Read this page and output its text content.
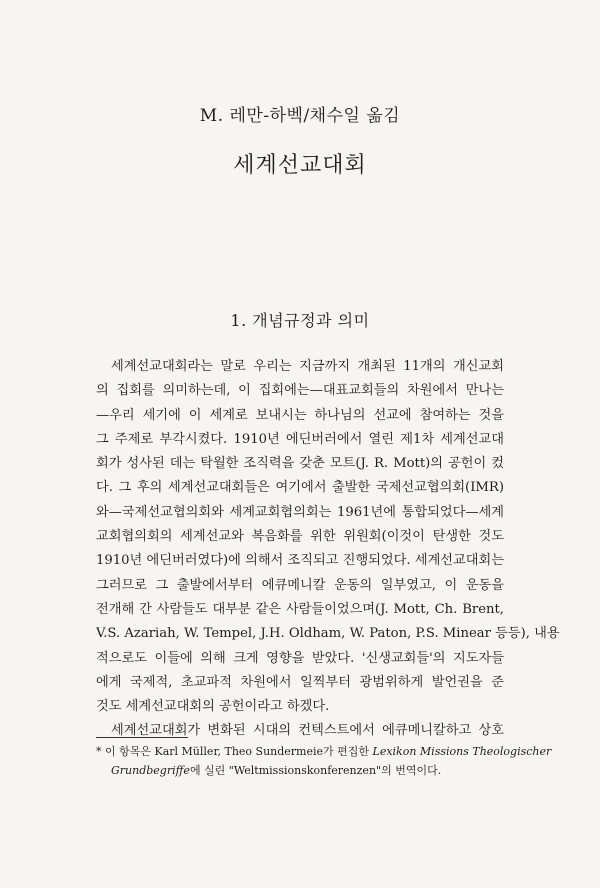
M. 레만-하벡/채수일 옮김
세계선교대회
1. 개념규정과 의미
세계선교대회라는 말로 우리는 지금까지 개최된 11개의 개신교회
의 집회를 의미하는데, 이 집회에는—대표교회들의 차원에서 만나는
—우리 세기에 이 세계로 보내시는 하나님의 선교에 참여하는 것을
그 주제로 부각시켰다. 1910년 에딘버러에서 열린 제1차 세계선교대
회가 성사된 데는 탁월한 조직력을 갖춘 모트(J. R. Mott)의 공헌이 컸
다. 그 후의 세계선교대회들은 여기에서 출발한 국제선교협의회(IMR)
와—국제선교협의회와 세계교회협의회는 1961년에 통합되었다—세계
교회협의회의 세계선교와 복음화를 위한 위원회(이것이 탄생한 것도
1910년 에딘버러였다)에 의해서 조직되고 진행되었다. 세계선교대회는
그러므로 그 출발에서부터 에큐메니칼 운동의 일부였고, 이 운동을
전개해 간 사람들도 대부분 같은 사람들이었으며(J. Mott, Ch. Brent,
V.S. Azariah, W. Tempel, J.H. Oldham, W. Paton, P.S. Minear 등등), 내용
적으로도 이들에 의해 크게 영향을 받았다. '신생교회들'의 지도자들
에게 국제적, 초교파적 차원에서 일찍부터 광범위하게 발언권을 준
것도 세계선교대회의 공헌이라고 하겠다.
세계선교대회가 변화된 시대의 컨텍스트에서 에큐메니칼하고 상호
* 이 항목은 Karl Müller, Theo Sundermeie가 편집한 Lexikon Missions Theologischer
Grundbegriffe에 실린 "Weltmissionskonferenzen"의 번역이다.
